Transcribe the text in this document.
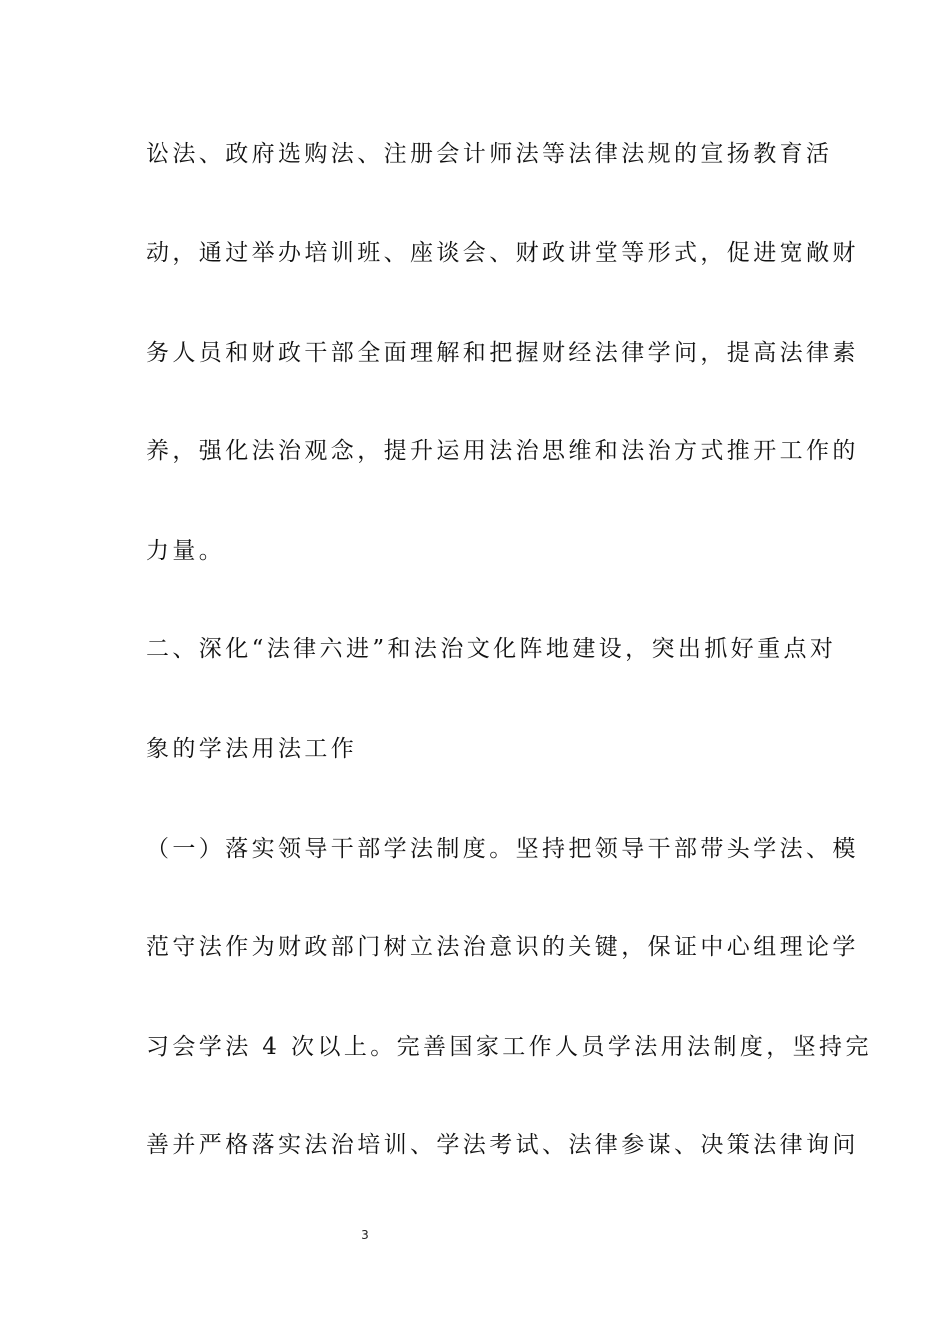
讼法、政府选购法、注册会计师法等法律法规的宣扬教育活
动，通过举办培训班、座谈会、财政讲堂等形式，促进宽敞财
务人员和财政干部全面理解和把握财经法律学问，提高法律素
养，强化法治观念，提升运用法治思维和法治方式推开工作的
力量。
二、深化“法律六进”和法治文化阵地建设，突出抓好重点对
象的学法用法工作
（一）落实领导干部学法制度。坚持把领导干部带头学法、模
范守法作为财政部门树立法治意识的关键，保证中心组理论学
习会学法 4 次以上。完善国家工作人员学法用法制度，坚持完
善并严格落实法治培训、学法考试、法律参谋、决策法律询问
3
